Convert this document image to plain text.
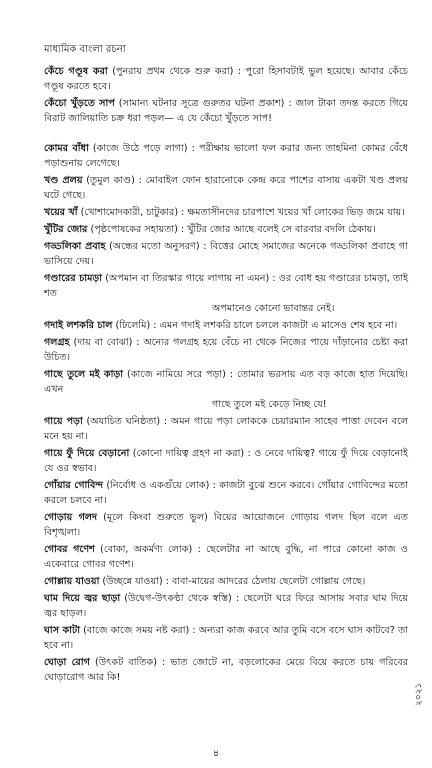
মাধ্যমিক বাংলা রচনা

কেঁচে গণ্ডূষ করা (পুনরায় প্রথম থেকে শুরু করা) : পুরো হিসাবটাই ভুল হয়েছে। আবার কেঁচে গণ্ডূষ করতে হবে।

কেঁচো খুঁড়তে সাপ (সামান্য ঘটনার সূত্রে গুরুতর ঘটনা প্রকাশ) : জাল টাকা তদন্ত করতে গিয়ে বিরাট জালিয়াতি চক্র ধরা পড়ল— এ যে কেঁচো খুঁড়তে সাপ!

কোমর বাঁধা (কাজে উঠে পড়ে লাগা) : পরীক্ষায় ভালো ফল করার জন্য তাহমিনা কোমর বেঁধে পড়াশুনায় লেগেছে।

খণ্ড প্রলয় (তুমুল কাণ্ড) : মোবাইল ফোন হারানোকে কেন্দ্র করে পাশের বাসায় একটা খণ্ড প্রলয় ঘটে গেছে।

খয়ের খাঁ (খোশামোদকারী, চাটুকার) : ক্ষমতাসীনদের চারপাশে খয়ের খাঁ লোকের ভিড় জমে যায়।

খুঁটির জোর (পৃষ্ঠপোষকের সহায়তা) : খুঁটির জোর আছে বলেই সে বারবার বদলি ঠেকায়।

গড্ডলিকা প্রবাহ (অন্ধের মতো অনুসরণ) : বিত্তের মোহে সমাজের অনেকে গড্ডলিকা প্রবাহে গা ভাসিয়ে দেয়।

গণ্ডারের চামড়া (অপমান বা তিরস্কার গায়ে লাগায় না এমন) : ওর বোধ হয় গণ্ডারের চামড়া, তাই শত
অপমানেও কোনো ভাবান্তর নেই।

গদাই লশকরি চাল (ঢিলেমি) : এমন গদাই লশকরি চালে চললে কাজটা এ মাসেও শেষ হবে না।

গলগ্রহ (দায় বা বোঝা) : অন্যের গলগ্রহ হয়ে বেঁচে না থেকে নিজের পায়ে দাঁড়ানোর চেষ্টা করা উচিত।

গাছে তুলে মই কাড়া (কাজে নামিয়ে সরে পড়া) : তোমার ভরসায় এত বড় কাজে হাত দিয়েছি। এখন
গাছে তুলে মই কেড়ে নিচ্ছ যে!

গায়ে পড়া (অযাচিত ঘনিষ্ঠতা) : অমন গায়ে পড়া লোককে চেয়ারম্যান সাহেব পাত্তা দেবেন বলে মনে হয় না।

গায়ে ফুঁ দিয়ে বেড়ানো (কোনো দায়িত্ব গ্রহণ না করা) : ও নেবে দায়িত্ব? গায়ে ফুঁ দিয়ে বেড়ানোই যে ওর স্বভাব।

গোঁয়ার গোবিন্দ (নির্বোধ ও একগুঁয়ে লোক) : কাজটা বুঝে শুনে করবে। গোঁয়ার গোবিন্দের মতো করলে চলবে না।

গোড়ায় গলদ (মূলে কিংবা শুরুতে ভুল) বিয়ের আয়োজনে গোড়ায় গলদ ছিল বলে এত বিশৃঙ্খলা।

গোবর গণেশ (বোকা, অকর্মণ্য লোক) : ছেলেটার না আছে বুদ্ধি, না পারে কোনো কাজ ও একেবারে গোবর গণেশ।

গোল্লায় যাওয়া (উচ্ছন্নে যাওয়া) : বাবা-মায়ের আদরের ঠেলায় ছেলেটা গোল্লায় গেছে।

ঘাম দিয়ে জ্বর ছাড়া (উদ্বেগ-উৎকণ্ঠা থেকে স্বস্তি) : ছেলেটা ঘরে ফিরে আসায় সবার ঘাম দিয়ে জ্বর ছাড়ল।

ঘাস কাটা (বাজে কাজে সময় নষ্ট করা) : অন্যরা কাজ করবে আর তুমি বসে বসে ঘাস কাটবে? তা হবে না।

ঘোড়া রোগ (উৎকট বাতিক) : ভাত জোটে না, বড়লোকের মেয়ে বিয়ে করতে চায় গরিবের ঘোড়ারোগ আর কি!

২০২১
৪
